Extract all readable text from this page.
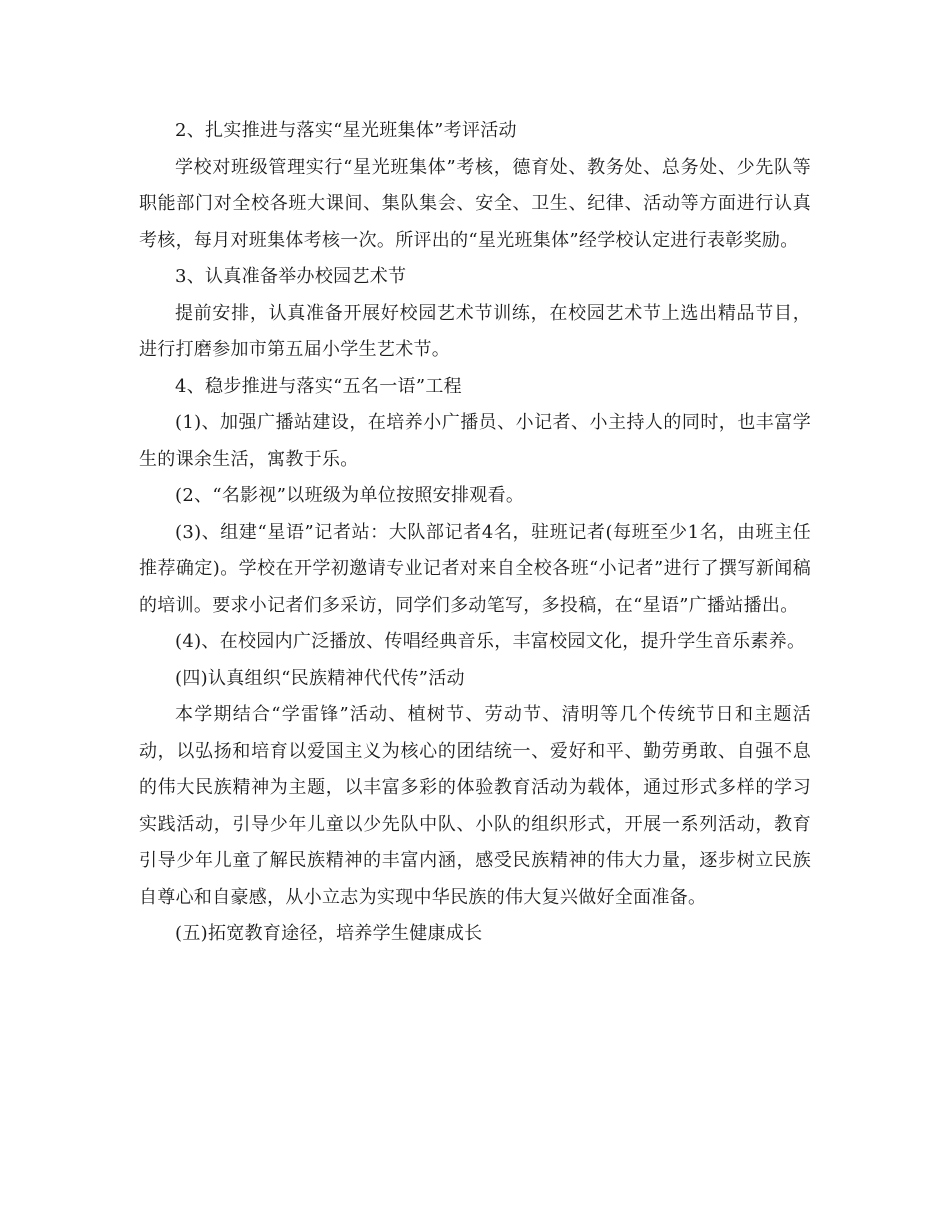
2、扎实推进与落实“星光班集体”考评活动

学校对班级管理实行“星光班集体”考核，德育处、教务处、总务处、少先队等职能部门对全校各班大课间、集队集会、安全、卫生、纪律、活动等方面进行认真考核，每月对班集体考核一次。所评出的“星光班集体”经学校认定进行表彰奖励。

3、认真准备举办校园艺术节

提前安排，认真准备开展好校园艺术节训练，在校园艺术节上选出精品节目，进行打磨参加市第五届小学生艺术节。

4、稳步推进与落实“五名一语”工程

(1)、加强广播站建设，在培养小广播员、小记者、小主持人的同时，也丰富学生的课余生活，寓教于乐。

(2、“名影视”以班级为单位按照安排观看。

(3)、组建“星语”记者站：大队部记者4名，驻班记者(每班至少1名，由班主任推荐确定)。学校在开学初邀请专业记者对来自全校各班“小记者”进行了撰写新闻稿的培训。要求小记者们多采访，同学们多动笔写，多投稿，在“星语”广播站播出。

(4)、在校园内广泛播放、传唱经典音乐，丰富校园文化，提升学生音乐素养。

(四)认真组织“民族精神代代传”活动

本学期结合“学雷锋”活动、植树节、劳动节、清明等几个传统节日和主题活动，以弘扬和培育以爱国主义为核心的团结统一、爱好和平、勤劳勇敢、自强不息的伟大民族精神为主题，以丰富多彩的体验教育活动为载体，通过形式多样的学习实践活动，引导少年儿童以少先队中队、小队的组织形式，开展一系列活动，教育引导少年儿童了解民族精神的丰富内涵，感受民族精神的伟大力量，逐步树立民族自尊心和自豪感，从小立志为实现中华民族的伟大复兴做好全面准备。

(五)拓宽教育途径，培养学生健康成长
